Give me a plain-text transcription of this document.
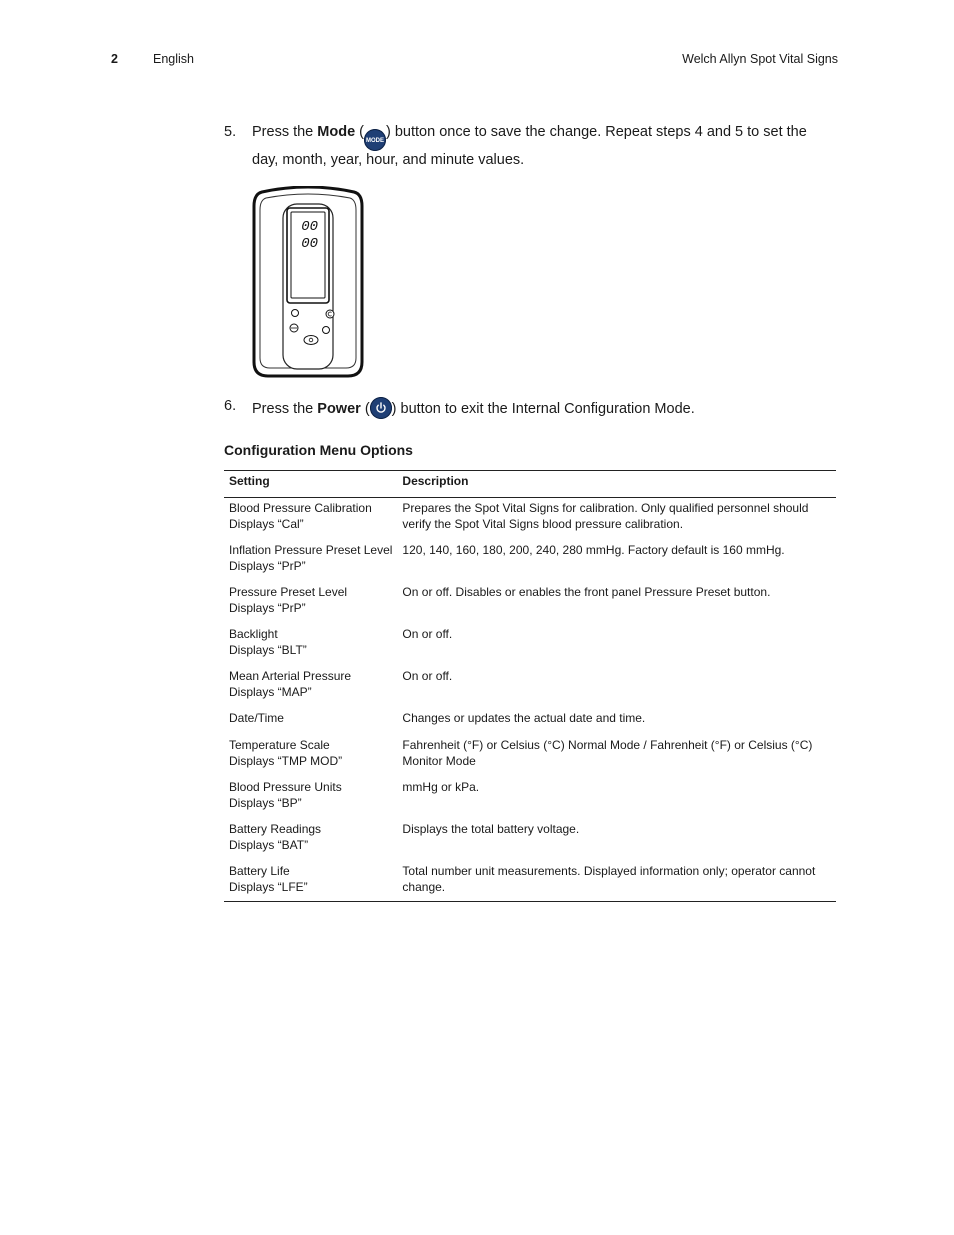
2	English	Welch Allyn Spot Vital Signs
5. Press the Mode (MODE) button once to save the change. Repeat steps 4 and 5 to set the day, month, year, hour, and minute values.
00
00
6. Press the Power ( ) button to exit the Internal Configuration Mode.
Configuration Menu Options
Setting	Description

Blood Pressure Calibration
Displays “Cal”	Prepares the Spot Vital Signs for calibration. Only qualified personnel should verify the Spot Vital Signs blood pressure calibration.

Inflation Pressure Preset Level
Displays “PrP”	120, 140, 160, 180, 200, 240, 280 mmHg. Factory default is 160 mmHg.

Pressure Preset Level
Displays “PrP”	On or off. Disables or enables the front panel Pressure Preset button.

Backlight
Displays “BLT”	On or off.

Mean Arterial Pressure
Displays “MAP”	On or off.

Date/Time	Changes or updates the actual date and time.

Temperature Scale
Displays “TMP MOD”	Fahrenheit (°F) or Celsius (°C) Normal Mode / Fahrenheit (°F) or Celsius (°C) Monitor Mode

Blood Pressure Units
Displays “BP”	mmHg or kPa.

Battery Readings
Displays “BAT”	Displays the total battery voltage.

Battery Life
Displays “LFE”	Total number unit measurements. Displayed information only; operator cannot change.
